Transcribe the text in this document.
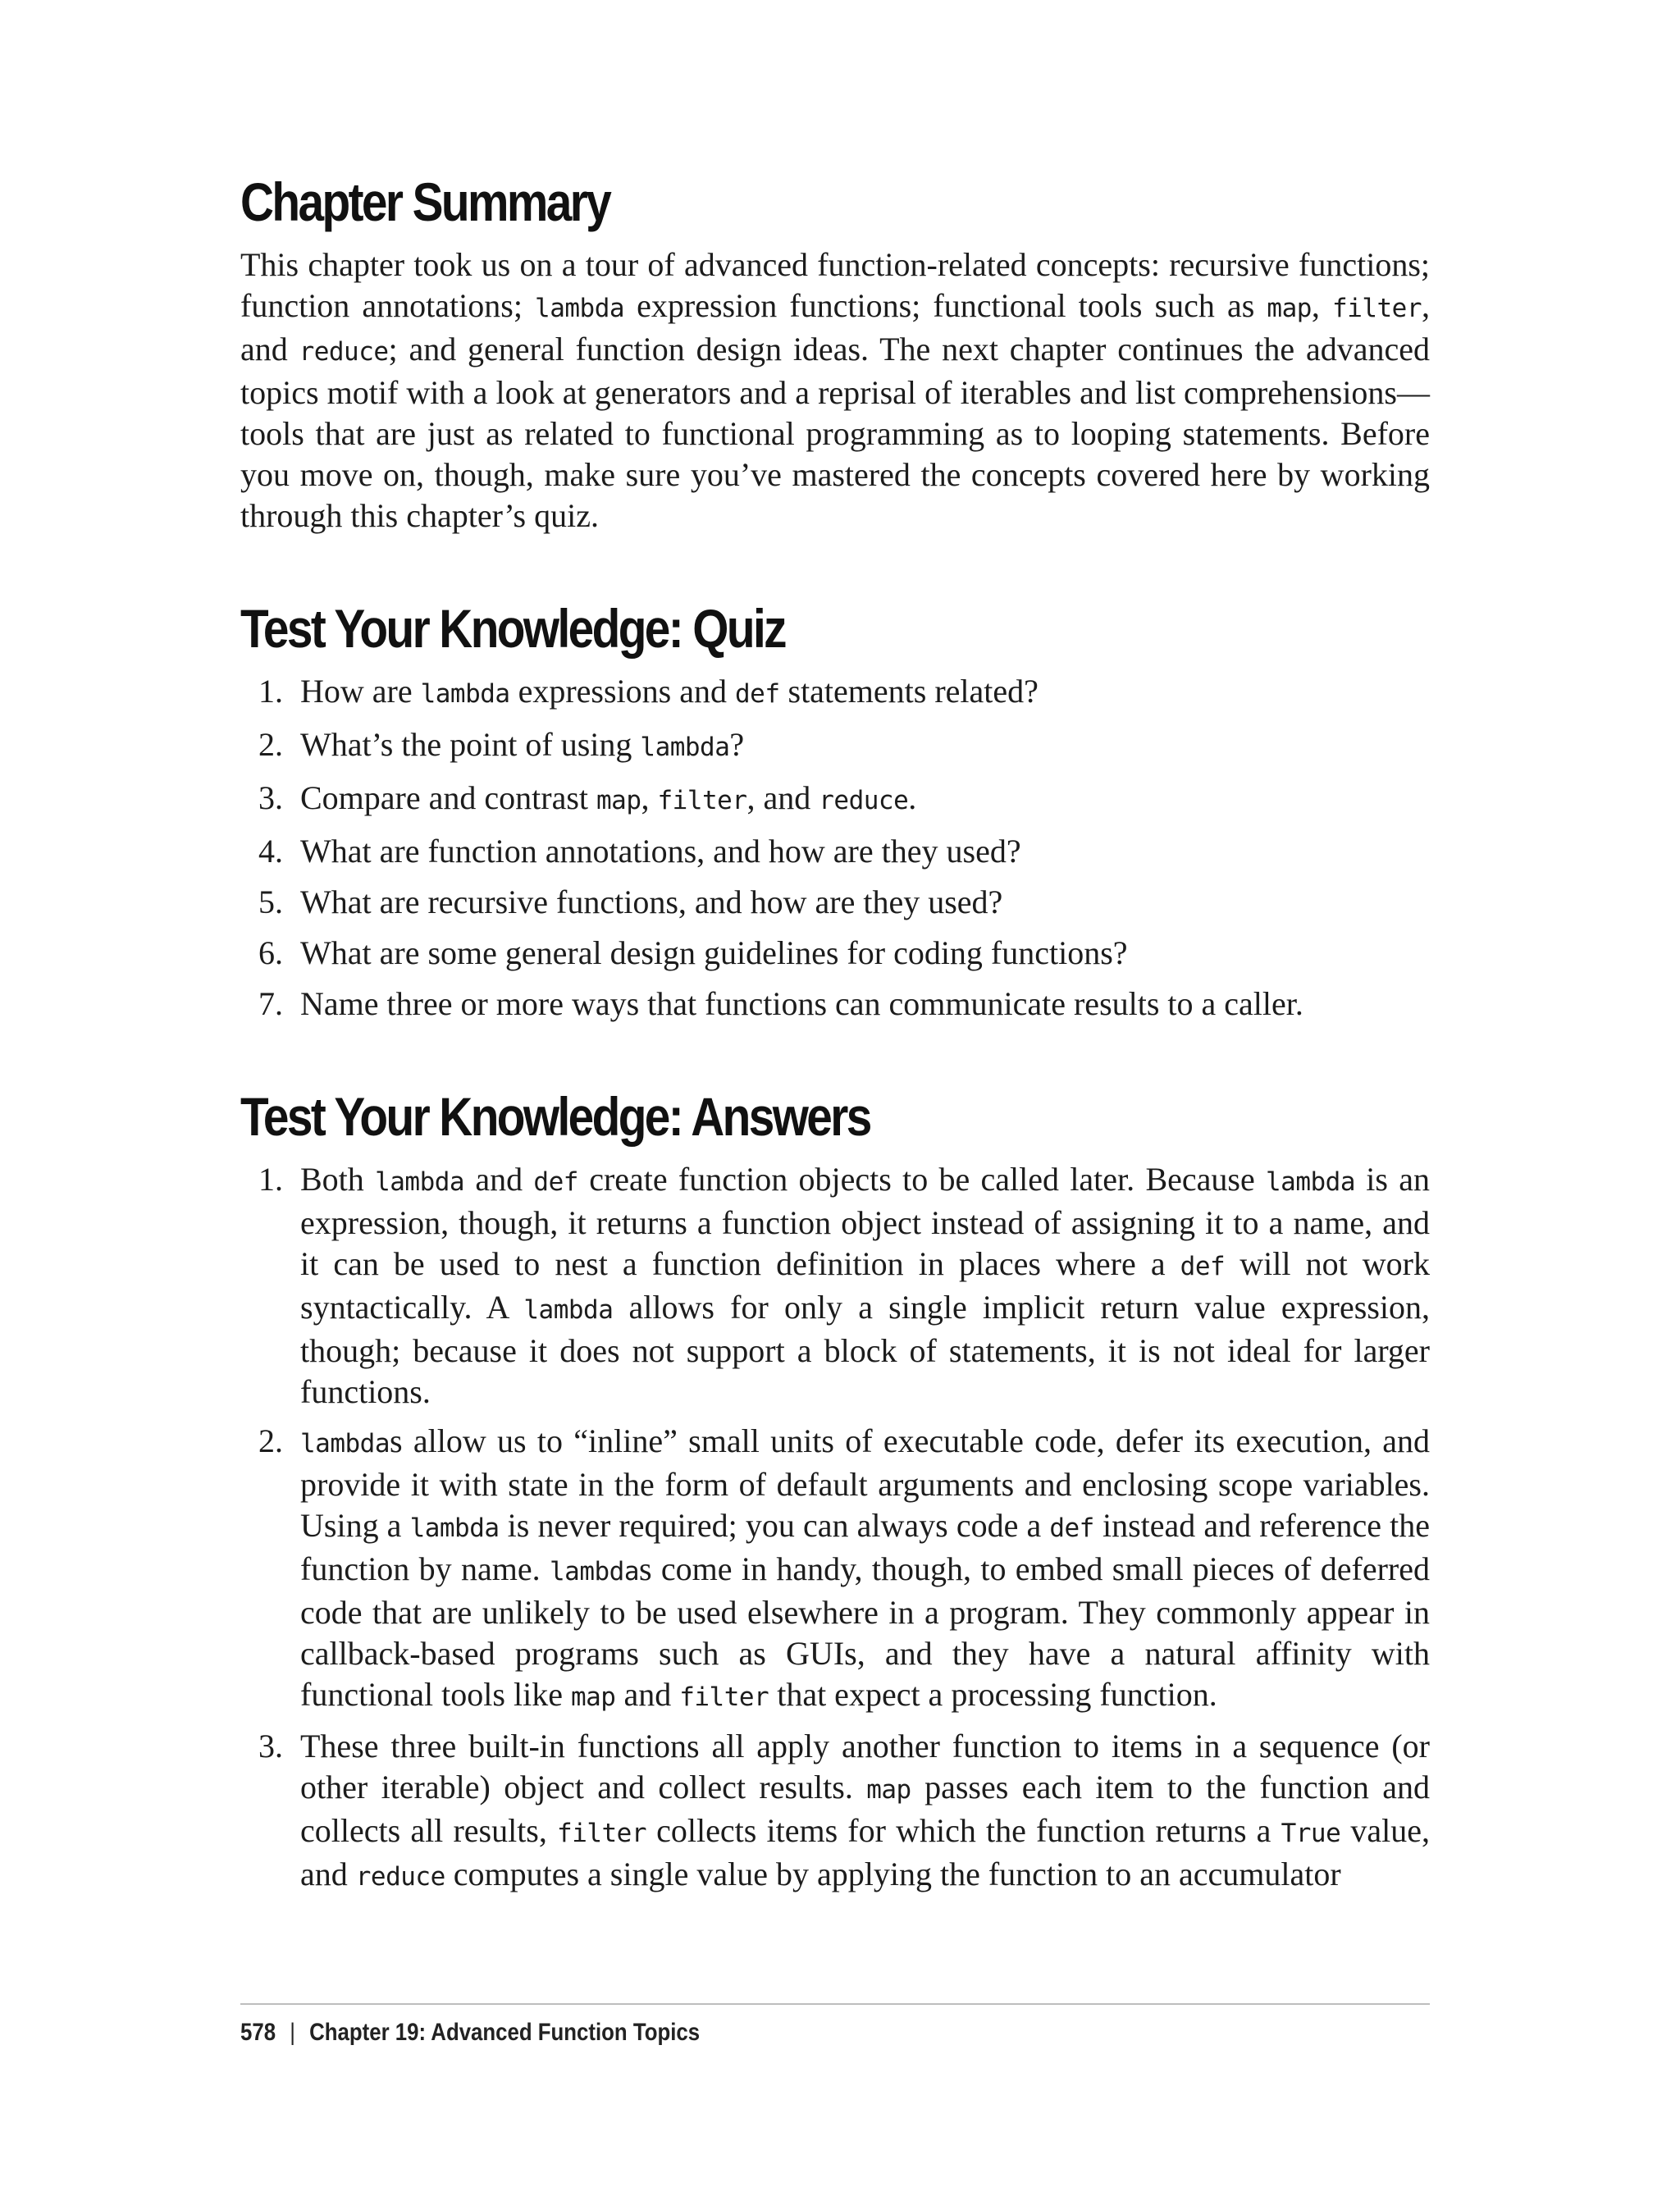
Chapter Summary

This chapter took us on a tour of advanced function-related concepts: recursive functions; function annotations; lambda expression functions; functional tools such as map, filter, and reduce; and general function design ideas. The next chapter continues the advanced topics motif with a look at generators and a reprisal of iterables and list comprehensions—tools that are just as related to functional programming as to looping statements. Before you move on, though, make sure you’ve mastered the concepts covered here by working through this chapter’s quiz.

Test Your Knowledge: Quiz
1. How are lambda expressions and def statements related?
2. What’s the point of using lambda?
3. Compare and contrast map, filter, and reduce.
4. What are function annotations, and how are they used?
5. What are recursive functions, and how are they used?
6. What are some general design guidelines for coding functions?
7. Name three or more ways that functions can communicate results to a caller.
Test Your Knowledge: Answers
1. Both lambda and def create function objects to be called later. Because lambda is an expression, though, it returns a function object instead of assigning it to a name, and it can be used to nest a function definition in places where a def will not work syntactically. A lambda allows for only a single implicit return value expression, though; because it does not support a block of statements, it is not ideal for larger functions.
2. lambdas allow us to “inline” small units of executable code, defer its execution, and provide it with state in the form of default arguments and enclosing scope variables. Using a lambda is never required; you can always code a def instead and reference the function by name. lambdas come in handy, though, to embed small pieces of deferred code that are unlikely to be used elsewhere in a program. They commonly appear in callback-based programs such as GUIs, and they have a natural affinity with functional tools like map and filter that expect a processing function.
3. These three built-in functions all apply another function to items in a sequence (or other iterable) object and collect results. map passes each item to the function and collects all results, filter collects items for which the function returns a True value, and reduce computes a single value by applying the function to an accumulator
578 | Chapter 19: Advanced Function Topics
